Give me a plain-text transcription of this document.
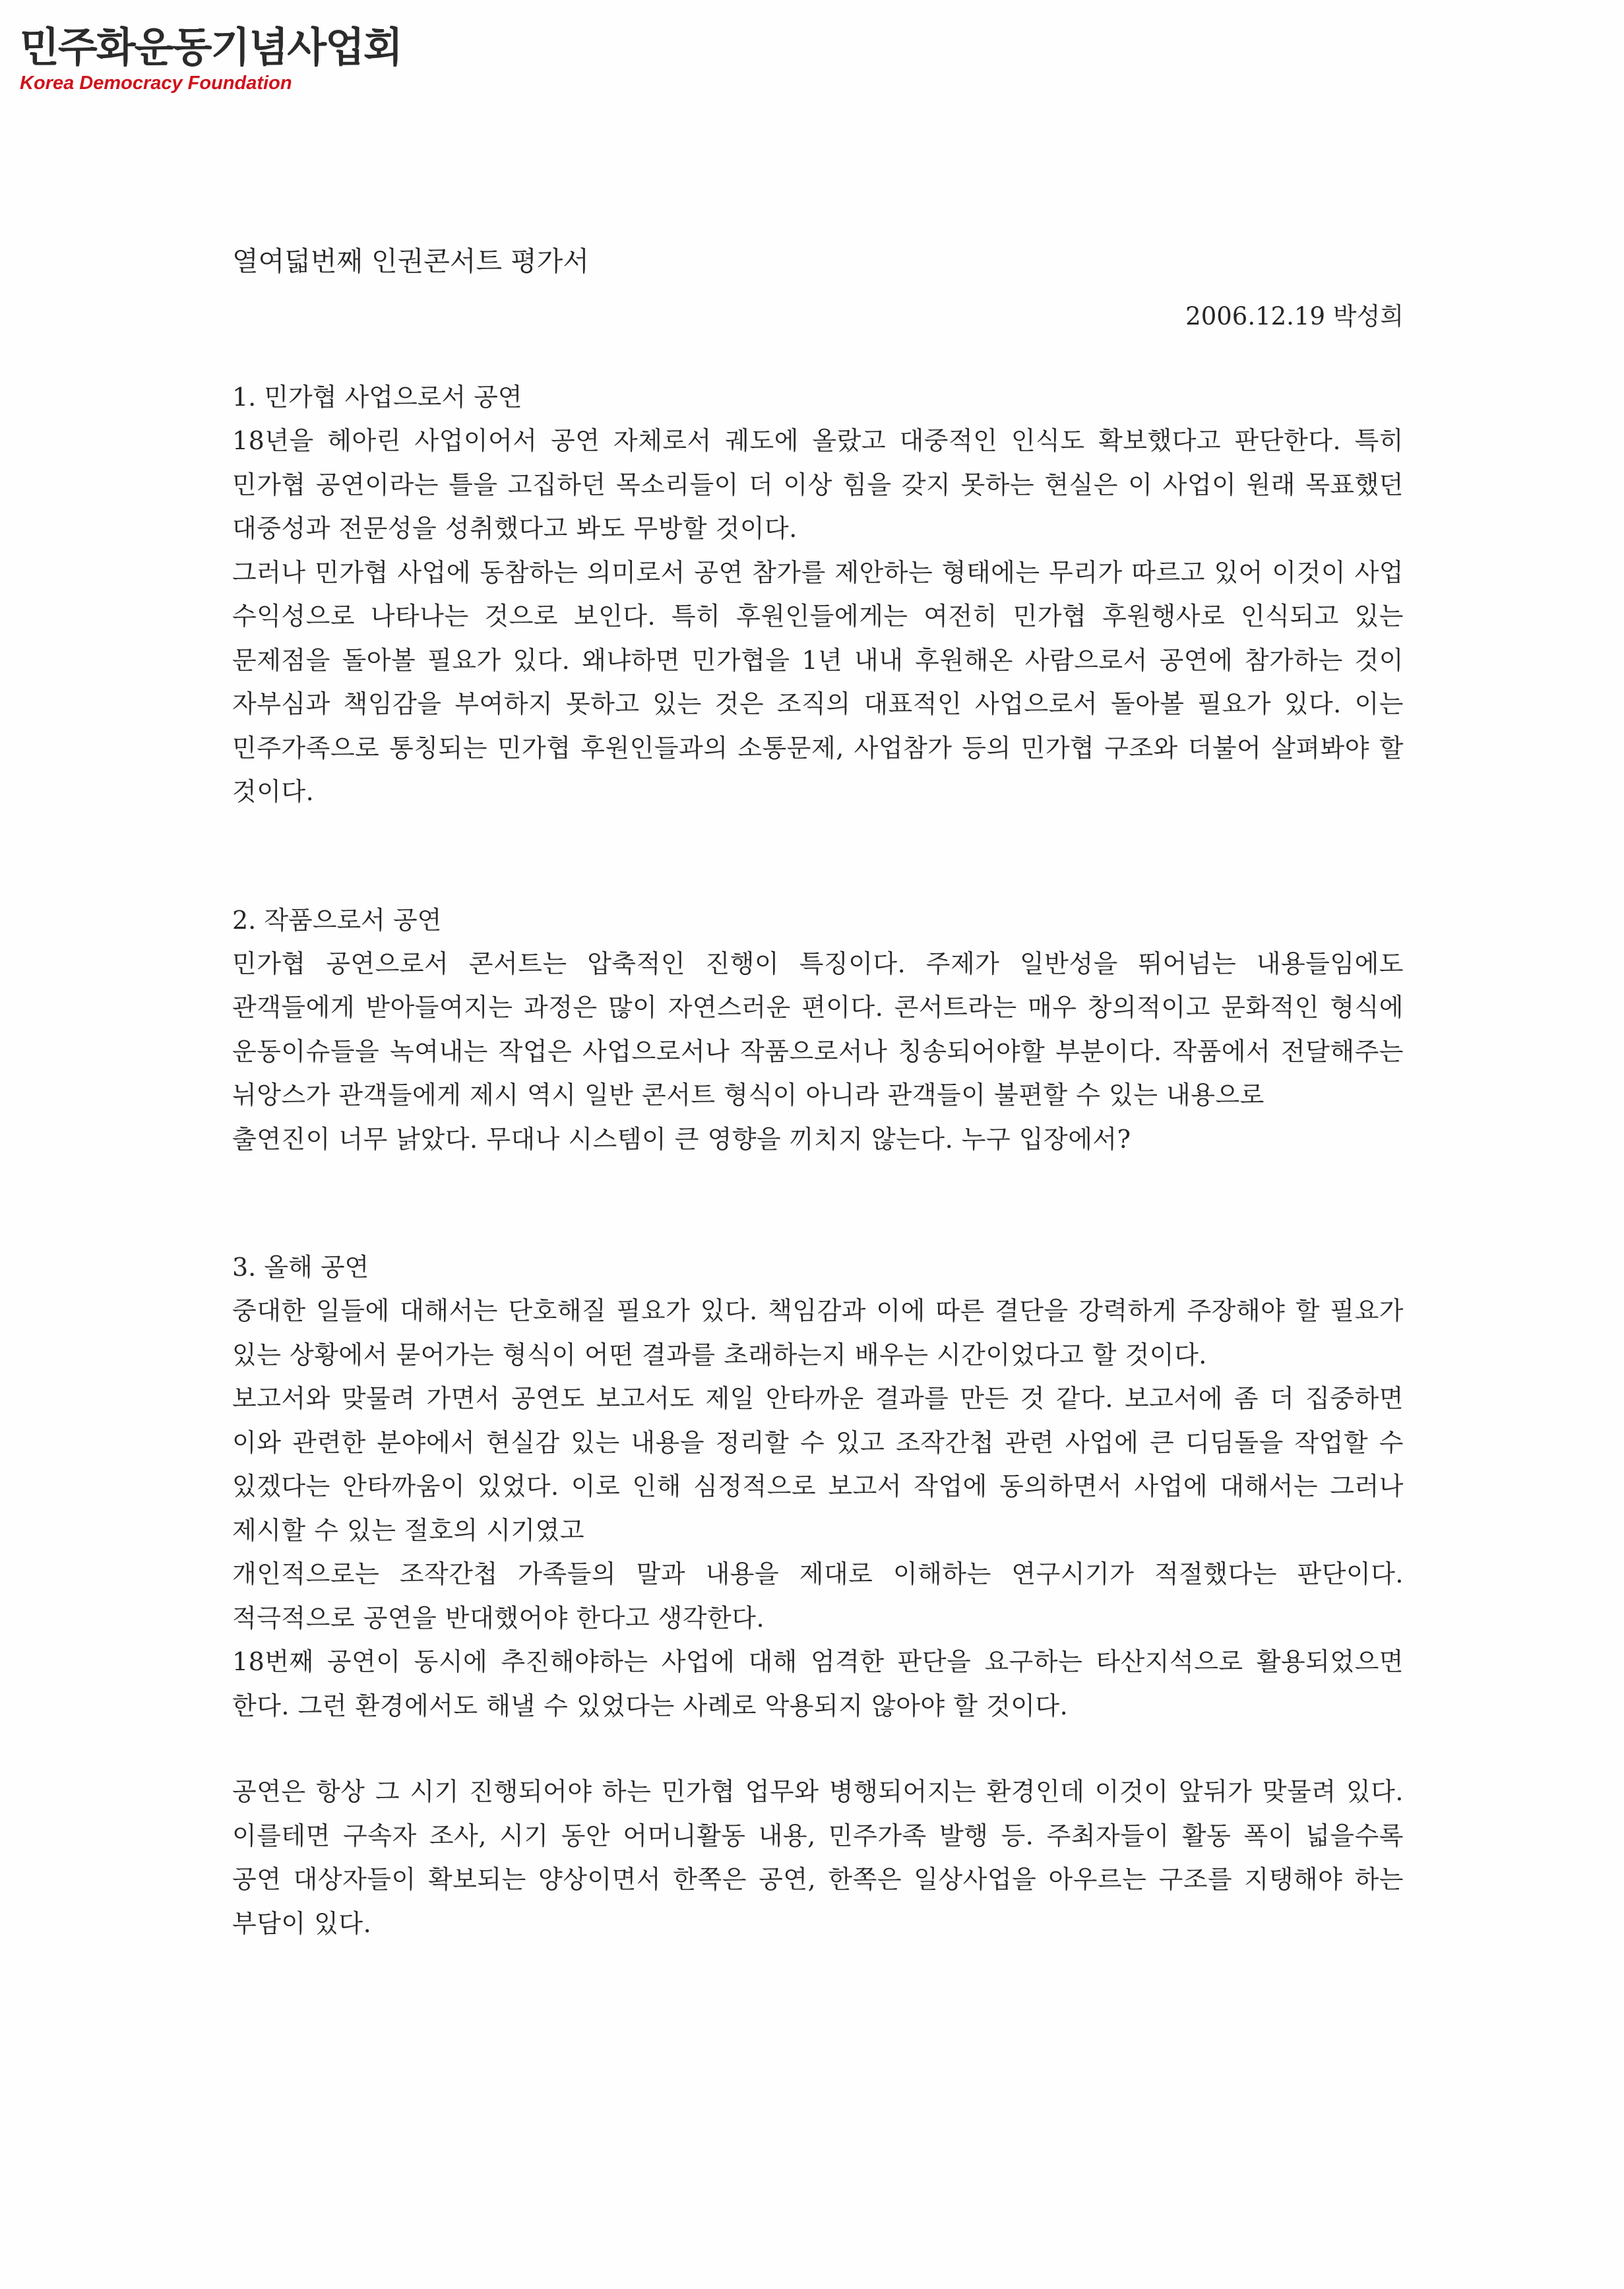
민주화운동기념사업회
Korea Democracy Foundation
열여덟번째 인권콘서트 평가서
2006.12.19 박성희
1. 민가협 사업으로서 공연

18년을 헤아린 사업이어서 공연 자체로서 궤도에 올랐고 대중적인 인식도 확보했다고 판단한다. 특히 민가협 공연이라는 틀을 고집하던 목소리들이 더 이상 힘을 갖지 못하는 현실은 이 사업이 원래 목표했던 대중성과 전문성을 성취했다고 봐도 무방할 것이다.

그러나 민가협 사업에 동참하는 의미로서 공연 참가를 제안하는 형태에는 무리가 따르고 있어 이것이 사업 수익성으로 나타나는 것으로 보인다. 특히 후원인들에게는 여전히 민가협 후원행사로 인식되고 있는 문제점을 돌아볼 필요가 있다. 왜냐하면 민가협을 1년 내내 후원해온 사람으로서 공연에 참가하는 것이 자부심과 책임감을 부여하지 못하고 있는 것은 조직의 대표적인 사업으로서 돌아볼 필요가 있다. 이는 민주가족으로 통칭되는 민가협 후원인들과의 소통문제, 사업참가 등의 민가협 구조와 더불어 살펴봐야 할 것이다.

2. 작품으로서 공연

민가협 공연으로서 콘서트는 압축적인 진행이 특징이다. 주제가 일반성을 뛰어넘는 내용들임에도 관객들에게 받아들여지는 과정은 많이 자연스러운 편이다. 콘서트라는 매우 창의적이고 문화적인 형식에 운동이슈들을 녹여내는 작업은 사업으로서나 작품으로서나 칭송되어야할 부분이다. 작품에서 전달해주는 뉘앙스가 관객들에게 제시 역시 일반 콘서트 형식이 아니라 관객들이 불편할 수 있는 내용으로

출연진이 너무 낡았다. 무대나 시스템이 큰 영향을 끼치지 않는다. 누구 입장에서?

3. 올해 공연

중대한 일들에 대해서는 단호해질 필요가 있다. 책임감과 이에 따른 결단을 강력하게 주장해야 할 필요가 있는 상황에서 묻어가는 형식이 어떤 결과를 초래하는지 배우는 시간이었다고 할 것이다.

보고서와 맞물려 가면서 공연도 보고서도 제일 안타까운 결과를 만든 것 같다. 보고서에 좀 더 집중하면 이와 관련한 분야에서 현실감 있는 내용을 정리할 수 있고 조작간첩 관련 사업에 큰 디딤돌을 작업할 수 있겠다는 안타까움이 있었다. 이로 인해 심정적으로 보고서 작업에 동의하면서 사업에 대해서는 그러나 제시할 수 있는 절호의 시기였고

개인적으로는 조작간첩 가족들의 말과 내용을 제대로 이해하는 연구시기가 적절했다는 판단이다. 적극적으로 공연을 반대했어야 한다고 생각한다.

18번째 공연이 동시에 추진해야하는 사업에 대해 엄격한 판단을 요구하는 타산지석으로 활용되었으면 한다. 그런 환경에서도 해낼 수 있었다는 사례로 악용되지 않아야 할 것이다.

공연은 항상 그 시기 진행되어야 하는 민가협 업무와 병행되어지는 환경인데 이것이 앞뒤가 맞물려 있다. 이를테면 구속자 조사, 시기 동안 어머니활동 내용, 민주가족 발행 등. 주최자들이 활동 폭이 넓을수록 공연 대상자들이 확보되는 양상이면서 한쪽은 공연, 한쪽은 일상사업을 아우르는 구조를 지탱해야 하는 부담이 있다.
